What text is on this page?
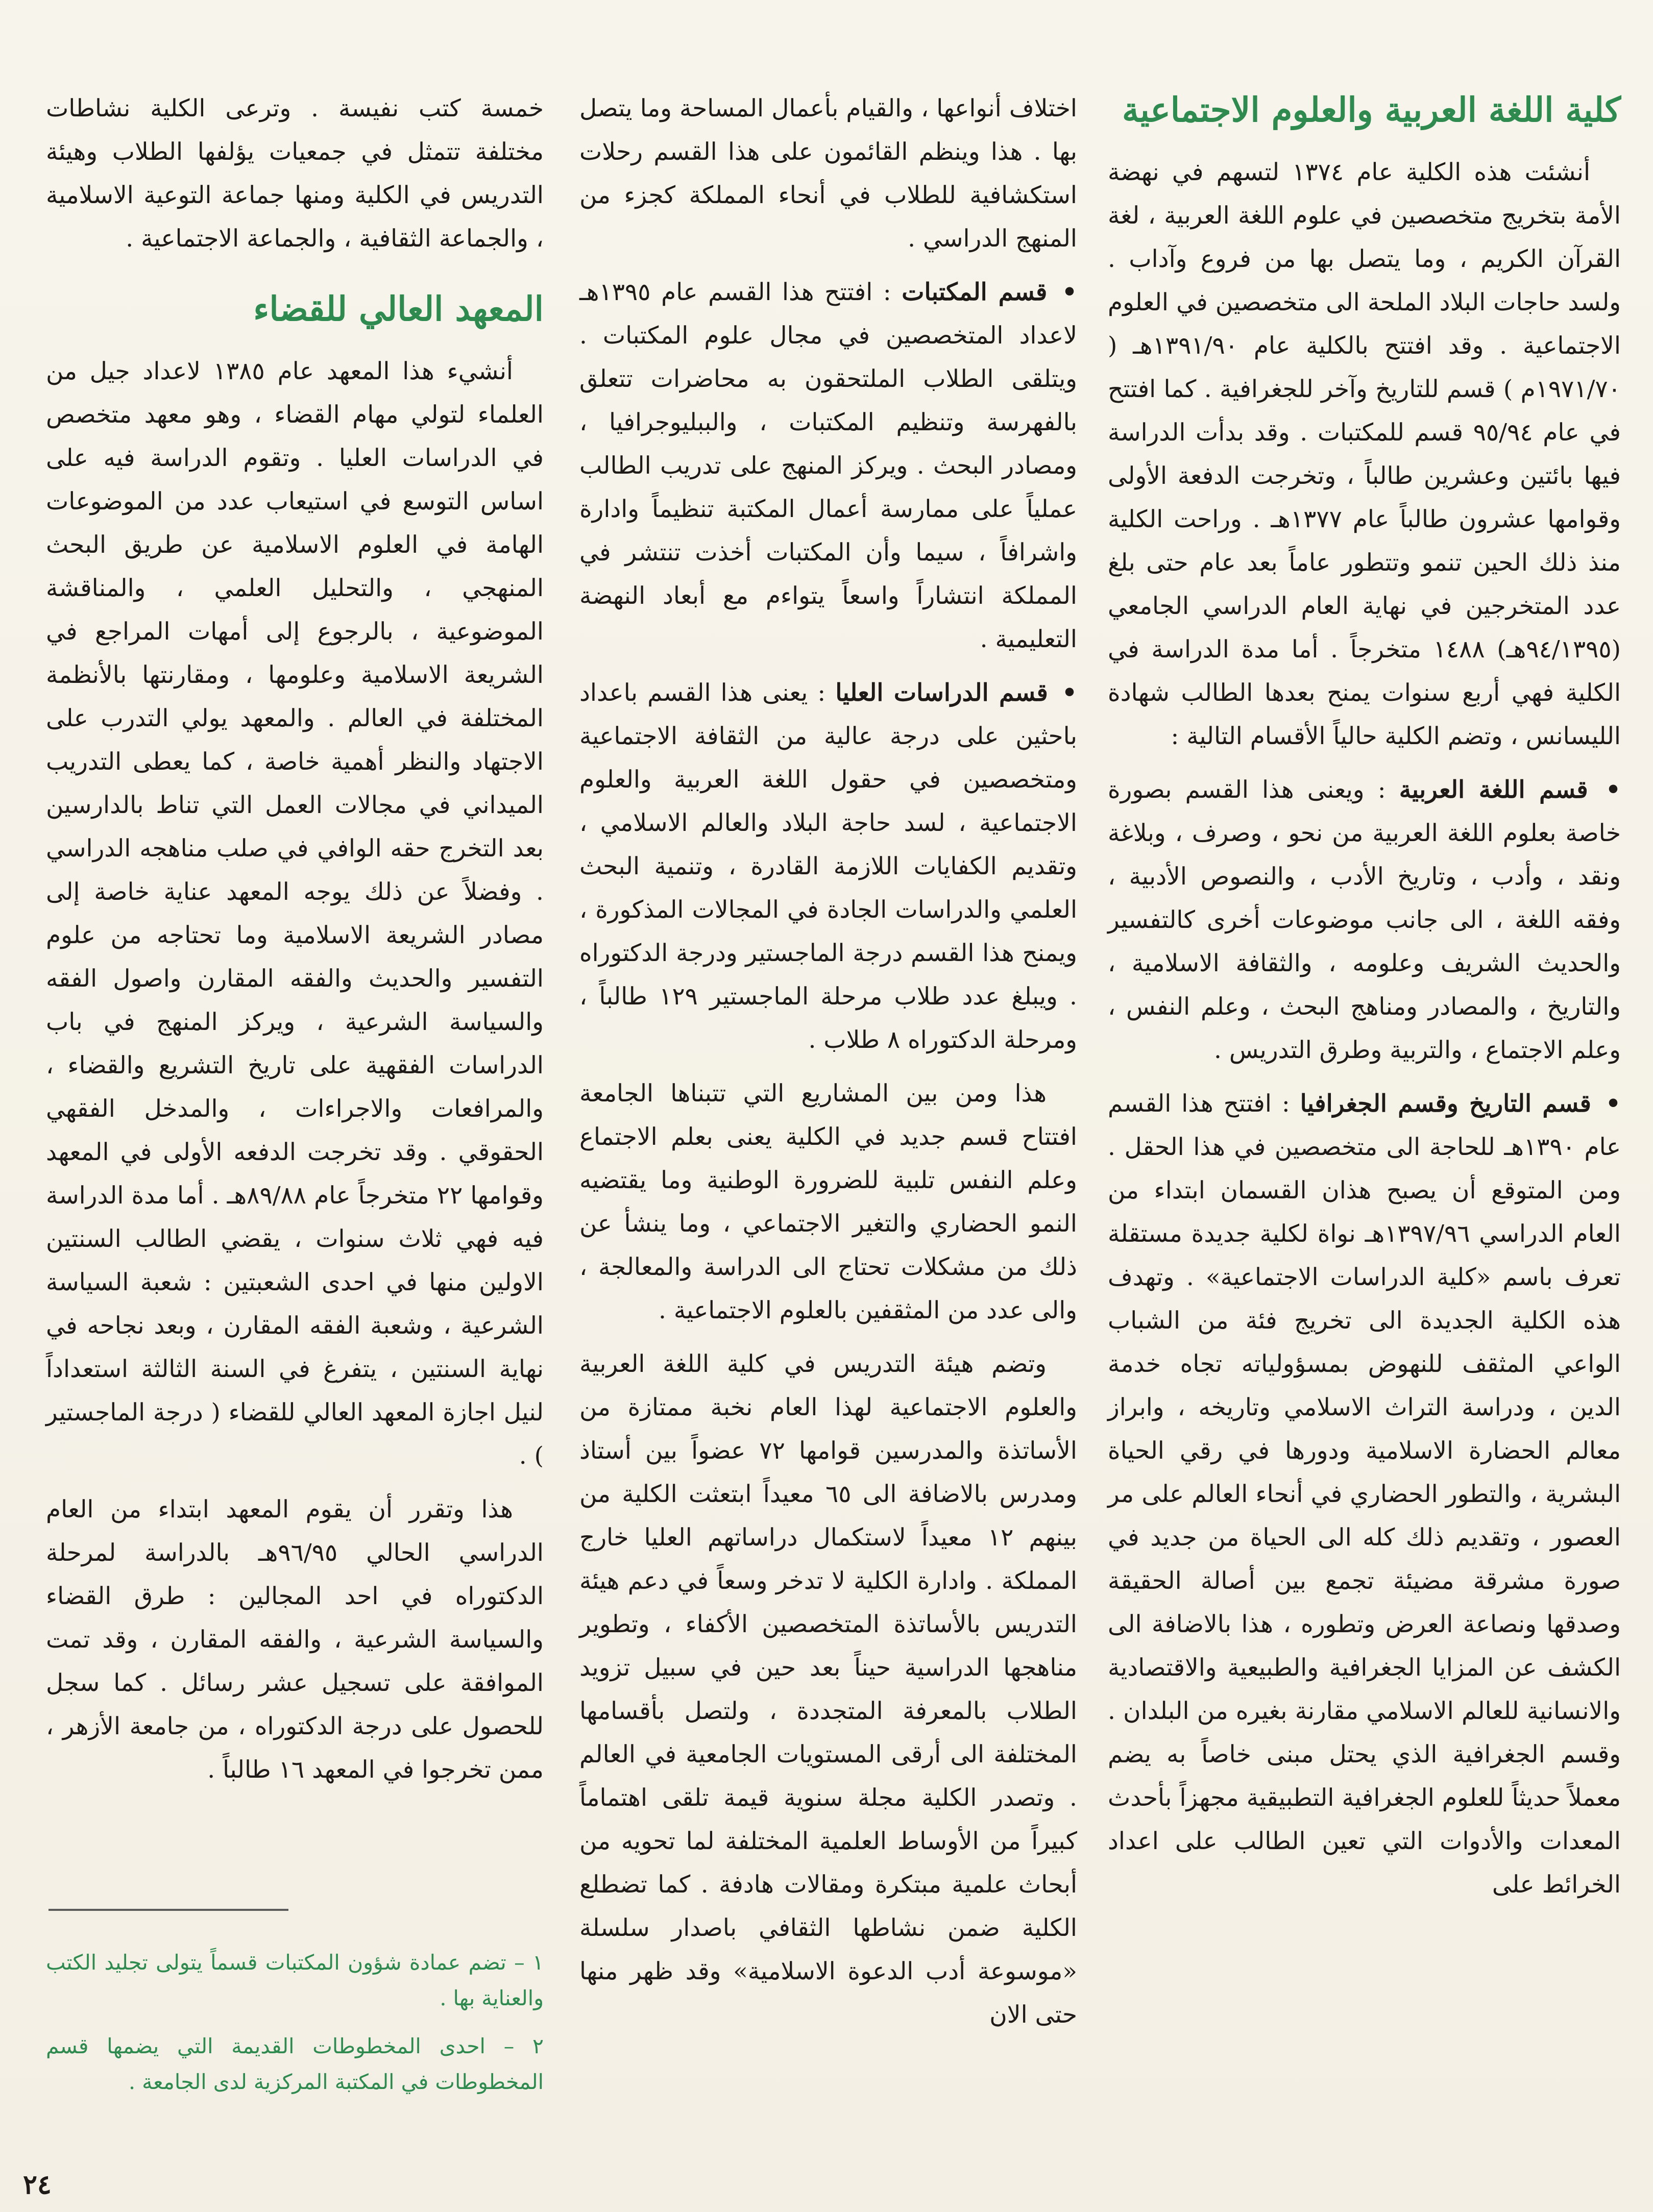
كلية اللغة العربية والعلوم الاجتماعية

أنشئت هذه الكلية عام ١٣٧٤ لتسهم في نهضة الأمة بتخريج متخصصين في علوم اللغة العربية ، لغة القرآن الكريم ، وما يتصل بها من فروع وآداب . ولسد حاجات البلاد الملحة الى متخصصين في العلوم الاجتماعية . وقد افتتح بالكلية عام ١٣٩١/٩٠هـ ( ١٩٧١/٧٠م ) قسم للتاريخ وآخر للجغرافية . كما افتتح في عام ٩٥/٩٤ قسم للمكتبات . وقد بدأت الدراسة فيها بائتين وعشرين طالباً ، وتخرجت الدفعة الأولى وقوامها عشرون طالباً عام ١٣٧٧هـ . وراحت الكلية منذ ذلك الحين تنمو وتتطور عاماً بعد عام حتى بلغ عدد المتخرجين في نهاية العام الدراسي الجامعي (٩٤/١٣٩٥هـ) ١٤٨٨ متخرجاً . أما مدة الدراسة في الكلية فهي أربع سنوات يمنح بعدها الطالب شهادة الليسانس ، وتضم الكلية حالياً الأقسام التالية :

• قسم اللغة العربية : ويعنى هذا القسم بصورة خاصة بعلوم اللغة العربية من نحو ، وصرف ، وبلاغة ونقد ، وأدب ، وتاريخ الأدب ، والنصوص الأدبية ، وفقه اللغة ، الى جانب موضوعات أخرى كالتفسير والحديث الشريف وعلومه ، والثقافة الاسلامية ، والتاريخ ، والمصادر ومناهج البحث ، وعلم النفس ، وعلم الاجتماع ، والتربية وطرق التدريس .

• قسم التاريخ وقسم الجغرافيا : افتتح هذا القسم عام ١٣٩٠هـ للحاجة الى متخصصين في هذا الحقل . ومن المتوقع أن يصبح هذان القسمان ابتداء من العام الدراسي ١٣٩٧/٩٦هـ نواة لكلية جديدة مستقلة تعرف باسم «كلية الدراسات الاجتماعية» . وتهدف هذه الكلية الجديدة الى تخريج فئة من الشباب الواعي المثقف للنهوض بمسؤولياته تجاه خدمة الدين ، ودراسة التراث الاسلامي وتاريخه ، وابراز معالم الحضارة الاسلامية ودورها في رقي الحياة البشرية ، والتطور الحضاري في أنحاء العالم على مر العصور ، وتقديم ذلك كله الى الحياة من جديد في صورة مشرقة مضيئة تجمع بين أصالة الحقيقة وصدقها ونصاعة العرض وتطوره ، هذا بالاضافة الى الكشف عن المزايا الجغرافية والطبيعية والاقتصادية والانسانية للعالم الاسلامي مقارنة بغيره من البلدان . وقسم الجغرافية الذي يحتل مبنى خاصاً به يضم معملاً حديثاً للعلوم الجغرافية التطبيقية مجهزاً بأحدث المعدات والأدوات التي تعين الطالب على اعداد الخرائط على

اختلاف أنواعها ، والقيام بأعمال المساحة وما يتصل بها . هذا وينظم القائمون على هذا القسم رحلات استكشافية للطلاب في أنحاء المملكة كجزء من المنهج الدراسي .

• قسم المكتبات : افتتح هذا القسم عام ١٣٩٥هـ لاعداد المتخصصين في مجال علوم المكتبات . ويتلقى الطلاب الملتحقون به محاضرات تتعلق بالفهرسة وتنظيم المكتبات ، والببليوجرافيا ، ومصادر البحث . ويركز المنهج على تدريب الطالب عملياً على ممارسة أعمال المكتبة تنظيماً وادارة واشرافاً ، سيما وأن المكتبات أخذت تنتشر في المملكة انتشاراً واسعاً يتواءم مع أبعاد النهضة التعليمية .

• قسم الدراسات العليا : يعنى هذا القسم باعداد باحثين على درجة عالية من الثقافة الاجتماعية ومتخصصين في حقول اللغة العربية والعلوم الاجتماعية ، لسد حاجة البلاد والعالم الاسلامي ، وتقديم الكفايات اللازمة القادرة ، وتنمية البحث العلمي والدراسات الجادة في المجالات المذكورة ، ويمنح هذا القسم درجة الماجستير ودرجة الدكتوراه . ويبلغ عدد طلاب مرحلة الماجستير ١٢٩ طالباً ، ومرحلة الدكتوراه ٨ طلاب .

هذا ومن بين المشاريع التي تتبناها الجامعة افتتاح قسم جديد في الكلية يعنى بعلم الاجتماع وعلم النفس تلبية للضرورة الوطنية وما يقتضيه النمو الحضاري والتغير الاجتماعي ، وما ينشأ عن ذلك من مشكلات تحتاج الى الدراسة والمعالجة ، والى عدد من المثقفين بالعلوم الاجتماعية .

وتضم هيئة التدريس في كلية اللغة العربية والعلوم الاجتماعية لهذا العام نخبة ممتازة من الأساتذة والمدرسين قوامها ٧٢ عضواً بين أستاذ ومدرس بالاضافة الى ٦٥ معيداً ابتعثت الكلية من بينهم ١٢ معيداً لاستكمال دراساتهم العليا خارج المملكة . وادارة الكلية لا تدخر وسعاً في دعم هيئة التدريس بالأساتذة المتخصصين الأكفاء ، وتطوير مناهجها الدراسية حيناً بعد حين في سبيل تزويد الطلاب بالمعرفة المتجددة ، ولتصل بأقسامها المختلفة الى أرقى المستويات الجامعية في العالم . وتصدر الكلية مجلة سنوية قيمة تلقى اهتماماً كبيراً من الأوساط العلمية المختلفة لما تحويه من أبحاث علمية مبتكرة ومقالات هادفة . كما تضطلع الكلية ضمن نشاطها الثقافي باصدار سلسلة «موسوعة أدب الدعوة الاسلامية» وقد ظهر منها حتى الان

خمسة كتب نفيسة . وترعى الكلية نشاطات مختلفة تتمثل في جمعيات يؤلفها الطلاب وهيئة التدريس في الكلية ومنها جماعة التوعية الاسلامية ، والجماعة الثقافية ، والجماعة الاجتماعية .

المعهد العالي للقضاء

أنشيء هذا المعهد عام ١٣٨٥ لاعداد جيل من العلماء لتولي مهام القضاء ، وهو معهد متخصص في الدراسات العليا . وتقوم الدراسة فيه على اساس التوسع في استيعاب عدد من الموضوعات الهامة في العلوم الاسلامية عن طريق البحث المنهجي ، والتحليل العلمي ، والمناقشة الموضوعية ، بالرجوع إلى أمهات المراجع في الشريعة الاسلامية وعلومها ، ومقارنتها بالأنظمة المختلفة في العالم . والمعهد يولي التدرب على الاجتهاد والنظر أهمية خاصة ، كما يعطى التدريب الميداني في مجالات العمل التي تناط بالدارسين بعد التخرج حقه الوافي في صلب مناهجه الدراسي . وفضلاً عن ذلك يوجه المعهد عناية خاصة إلى مصادر الشريعة الاسلامية وما تحتاجه من علوم التفسير والحديث والفقه المقارن واصول الفقه والسياسة الشرعية ، ويركز المنهج في باب الدراسات الفقهية على تاريخ التشريع والقضاء ، والمرافعات والاجراءات ، والمدخل الفقهي الحقوقي . وقد تخرجت الدفعه الأولى في المعهد وقوامها ٢٢ متخرجاً عام ٨٩/٨٨هـ . أما مدة الدراسة فيه فهي ثلاث سنوات ، يقضي الطالب السنتين الاولين منها في احدى الشعبتين : شعبة السياسة الشرعية ، وشعبة الفقه المقارن ، وبعد نجاحه في نهاية السنتين ، يتفرغ في السنة الثالثة استعداداً لنيل اجازة المعهد العالي للقضاء ( درجة الماجستير ) .

هذا وتقرر أن يقوم المعهد ابتداء من العام الدراسي الحالي ٩٦/٩٥هـ بالدراسة لمرحلة الدكتوراه في احد المجالين : طرق القضاء والسياسة الشرعية ، والفقه المقارن ، وقد تمت الموافقة على تسجيل عشر رسائل . كما سجل للحصول على درجة الدكتوراه ، من جامعة الأزهر ، ممن تخرجوا في المعهد ١٦ طالباً .

١ – تضم عمادة شؤون المكتبات قسماً يتولى تجليد الكتب والعناية بها .

٢ – احدى المخطوطات القديمة التي يضمها قسم المخطوطات في المكتبة المركزية لدى الجامعة .

٢٤
